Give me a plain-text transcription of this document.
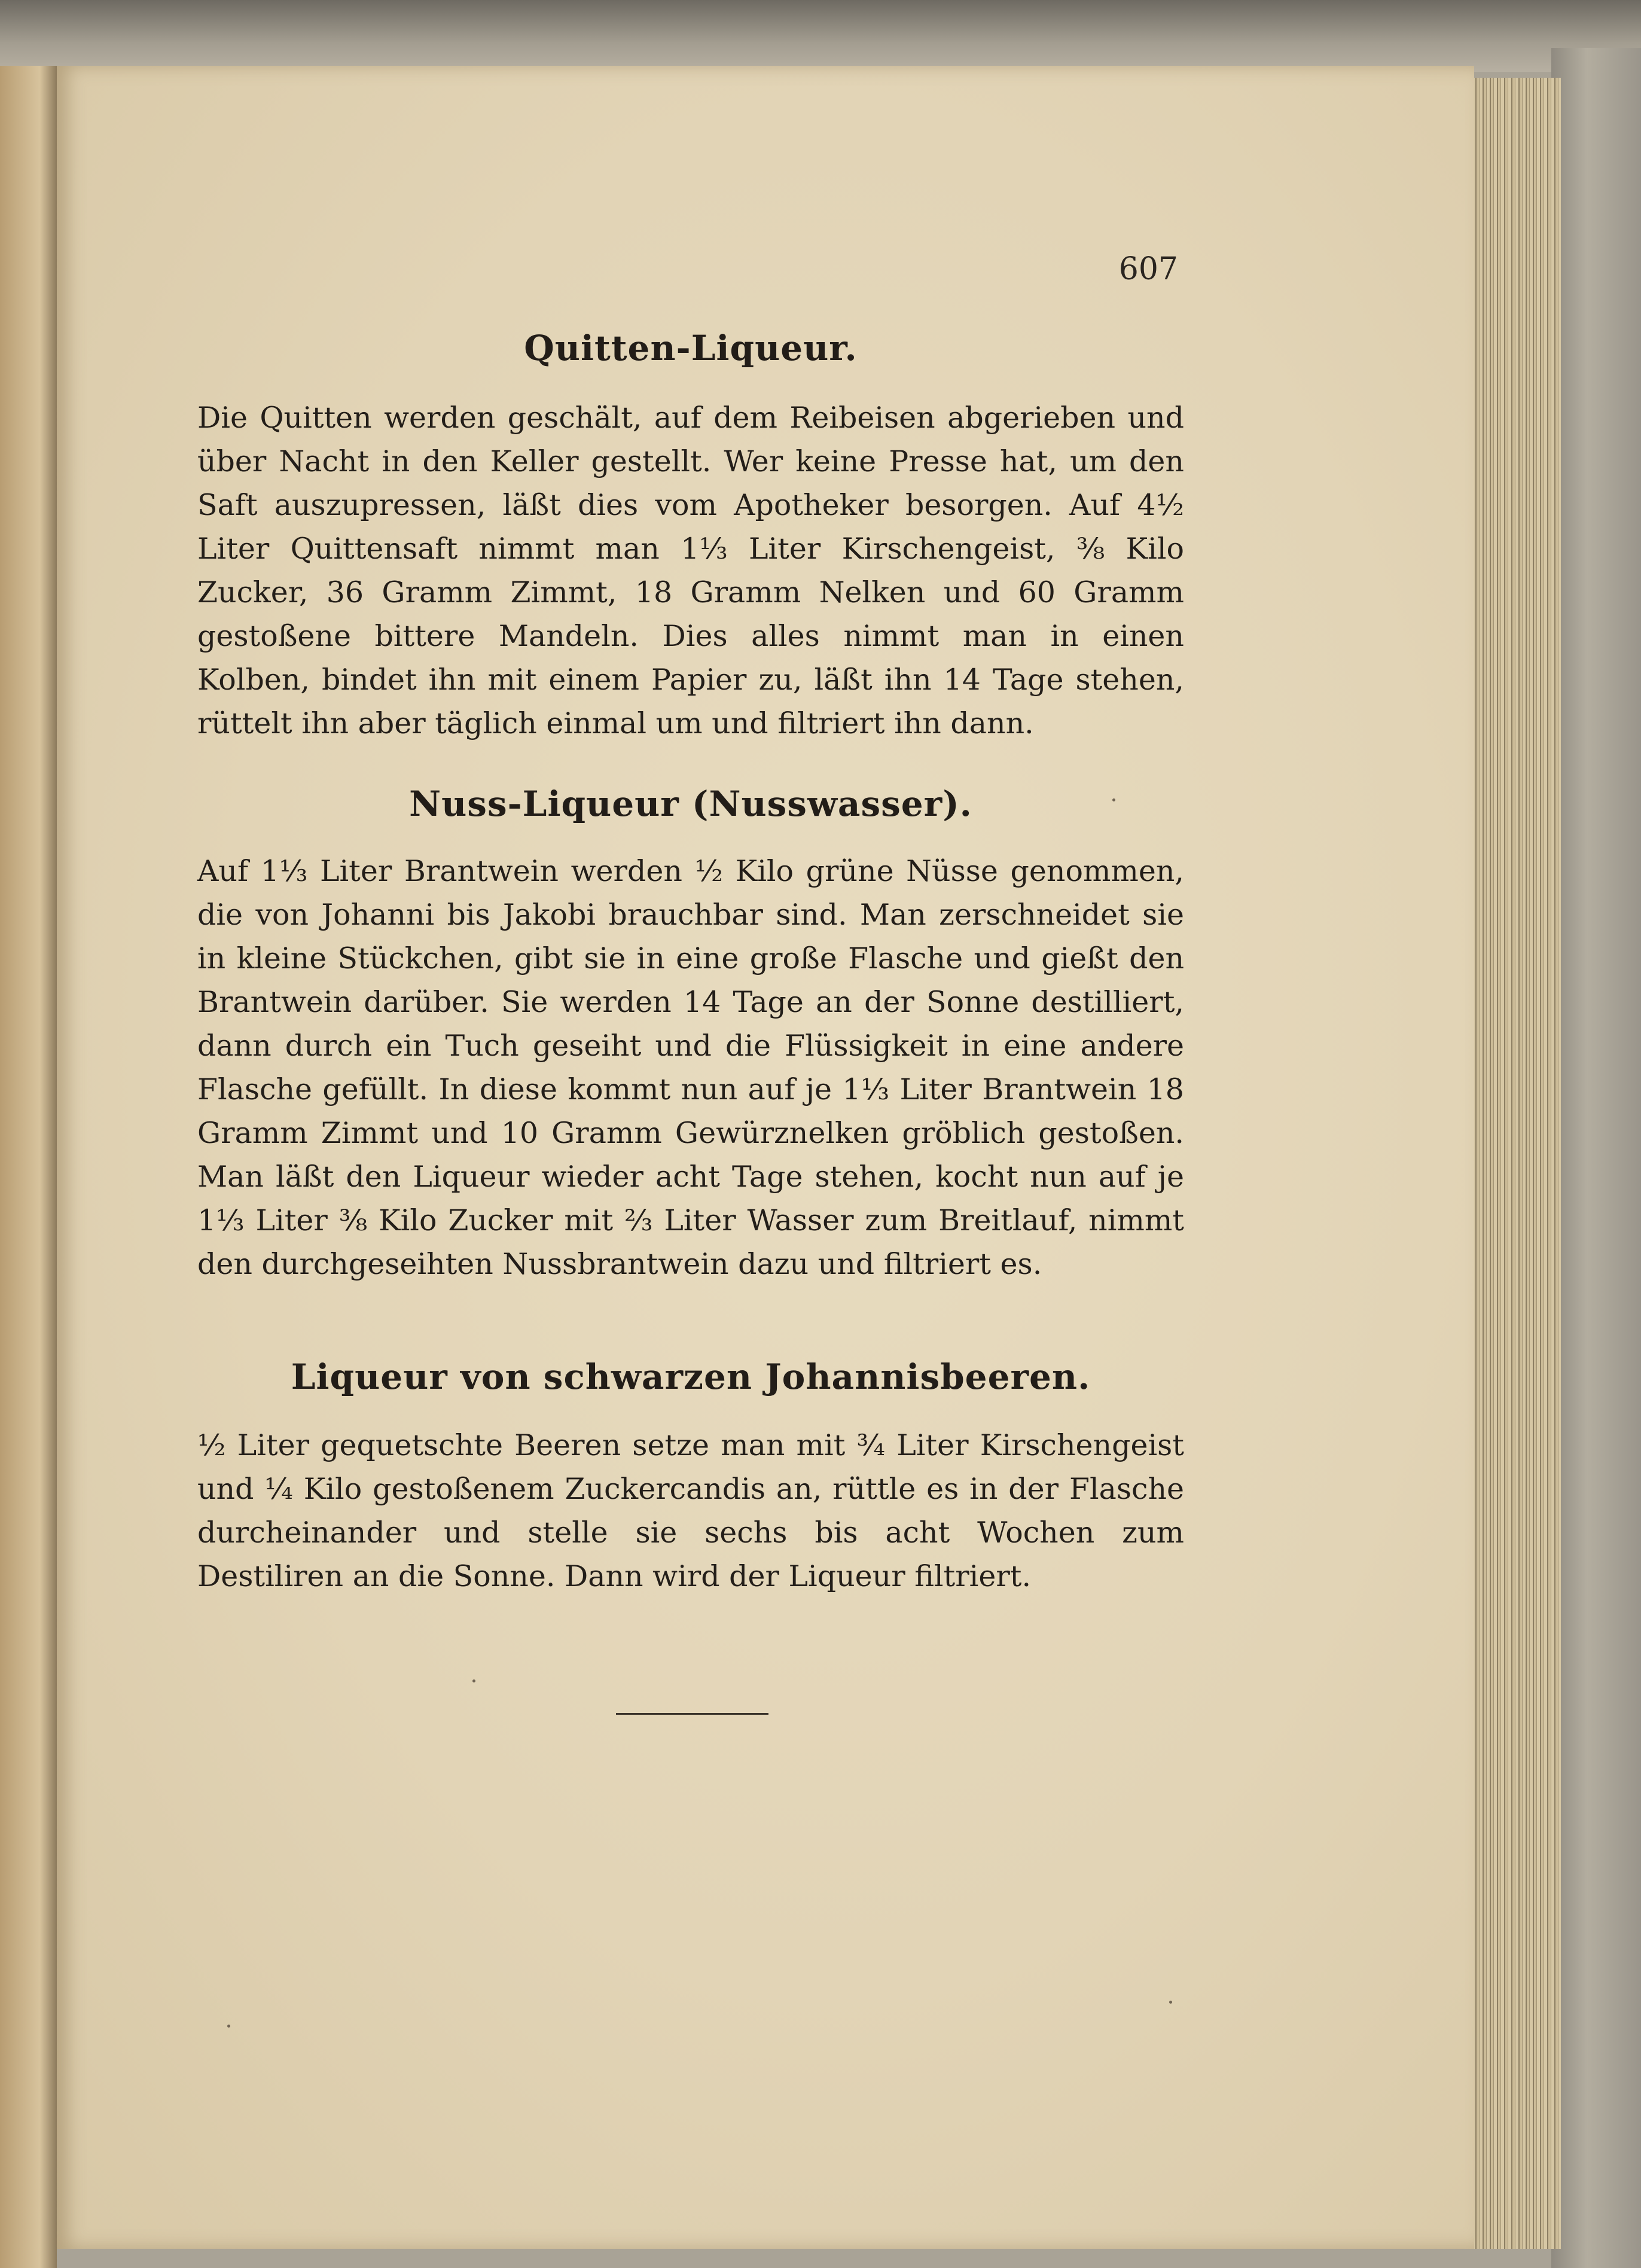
607
Quitten-Liqueur.

Die Quitten werden geschält, auf dem Reibeisen abgerieben und über Nacht in den Keller gestellt. Wer keine Presse hat, um den Saft auszupressen, läßt dies vom Apotheker besorgen. Auf 4½ Liter Quittensaft nimmt man 1⅓ Liter Kirschengeist, ⅜ Kilo Zucker, 36 Gramm Zimmt, 18 Gramm Nelken und 60 Gramm gestoßene bittere Mandeln. Dies alles nimmt man in einen Kolben, bindet ihn mit einem Papier zu, läßt ihn 14 Tage stehen, rüttelt ihn aber täglich einmal um und filtriert ihn dann.

Nuss-Liqueur (Nusswasser).

Auf 1⅓ Liter Brantwein werden ½ Kilo grüne Nüsse genommen, die von Johanni bis Jakobi brauchbar sind. Man zerschneidet sie in kleine Stückchen, gibt sie in eine große Flasche und gießt den Brantwein darüber. Sie werden 14 Tage an der Sonne destilliert, dann durch ein Tuch geseiht und die Flüssigkeit in eine andere Flasche gefüllt. In diese kommt nun auf je 1⅓ Liter Brantwein 18 Gramm Zimmt und 10 Gramm Gewürznelken gröblich gestoßen. Man läßt den Liqueur wieder acht Tage stehen, kocht nun auf je 1⅓ Liter ⅜ Kilo Zucker mit ⅔ Liter Wasser zum Breitlauf, nimmt den durchgeseihten Nussbrantwein dazu und filtriert es.

Liqueur von schwarzen Johannisbeeren.

½ Liter gequetschte Beeren setze man mit ¾ Liter Kirschengeist und ¼ Kilo gestoßenem Zuckercandis an, rüttle es in der Flasche durcheinander und stelle sie sechs bis acht Wochen zum Destiliren an die Sonne. Dann wird der Liqueur filtriert.
